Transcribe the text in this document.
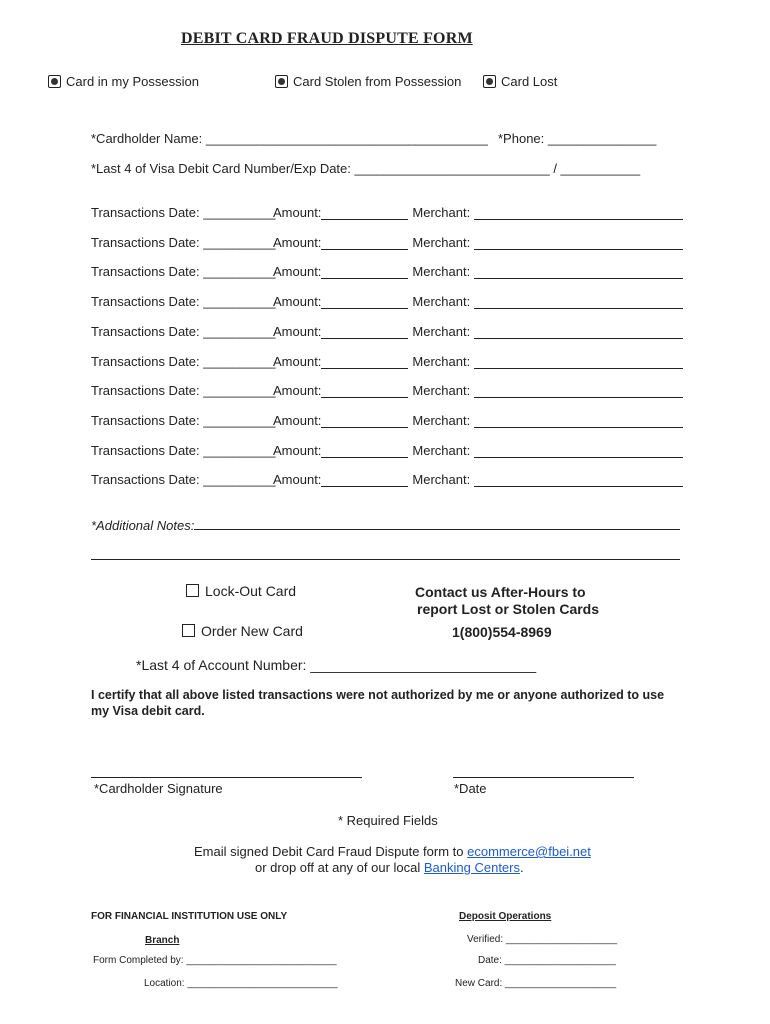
DEBIT CARD FRAUD DISPUTE FORM
Card in my Possession	Card Stolen from Possession	Card Lost
*Cardholder Name: _______________________________________ *Phone: _______________
*Last 4 of Visa Debit Card Number/Exp Date: ___________________________ / ___________
Transactions Date: __________Amount:	Merchant:
Transactions Date: __________Amount:	Merchant:
Transactions Date: __________Amount:	Merchant:
Transactions Date: __________Amount:	Merchant:
Transactions Date: __________Amount:	Merchant:
Transactions Date: __________Amount:	Merchant:
Transactions Date: __________Amount:	Merchant:
Transactions Date: __________Amount:	Merchant:
Transactions Date: __________Amount:	Merchant:
Transactions Date: __________Amount:	Merchant:
*Additional Notes:
Lock-Out Card
Order New Card
Contact us After-Hours to
report Lost or Stolen Cards
1(800)554-8969
*Last 4 of Account Number: _____________________________
I certify that all above listed transactions were not authorized by me or anyone authorized to use
my Visa debit card.
*Cardholder Signature	*Date
* Required Fields
Email signed Debit Card Fraud Dispute form to ecommerce@fbei.net
or drop off at any of our local Banking Centers.
FOR FINANCIAL INSTITUTION USE ONLY
Branch
Form Completed by: ___________________________
Location: ___________________________
Deposit Operations
Verified: ____________________
Date: ____________________
New Card: ____________________
